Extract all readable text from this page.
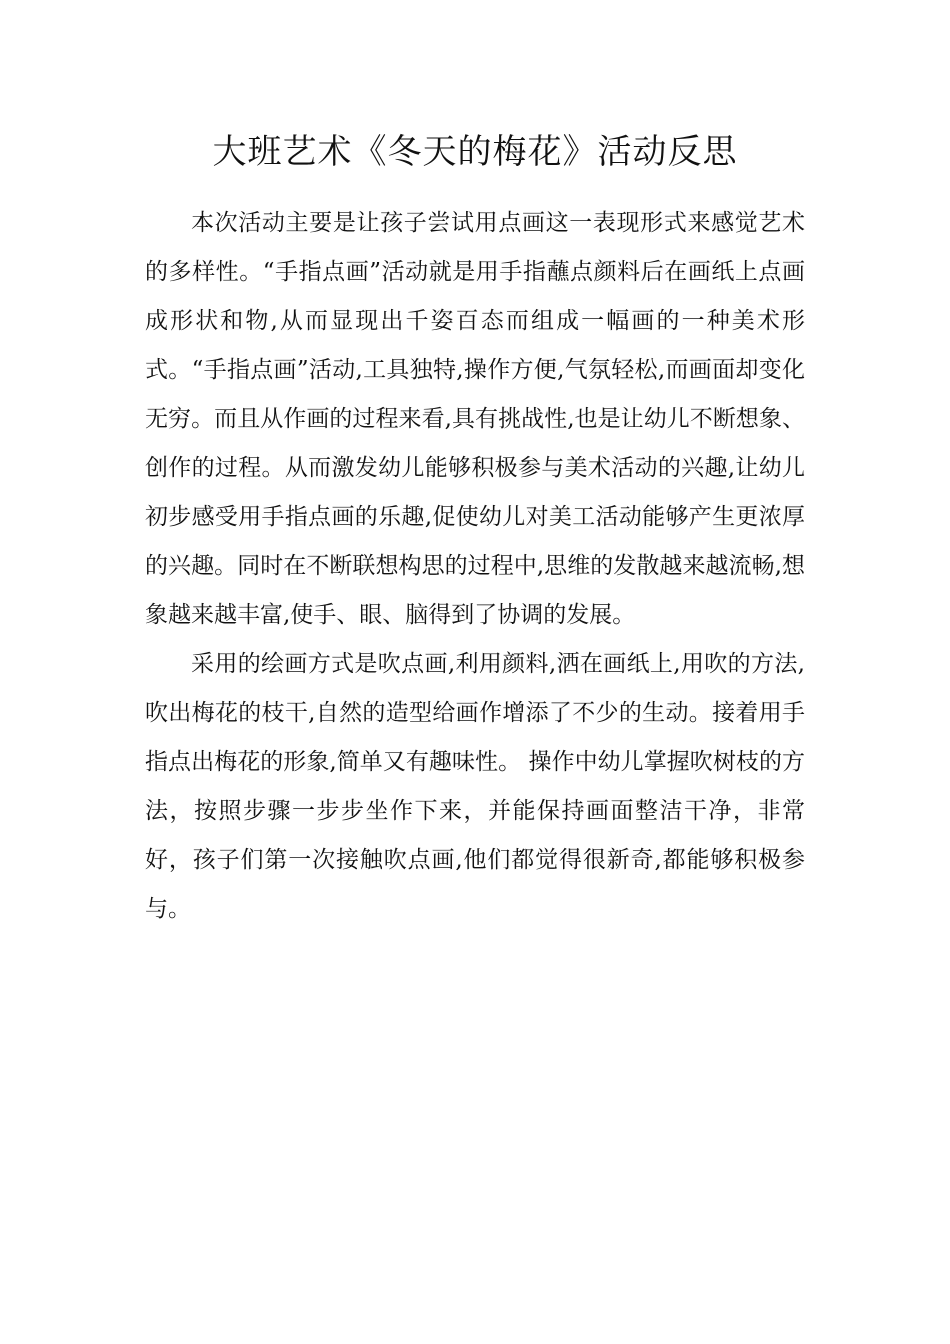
大班艺术《冬天的梅花》活动反思

本次活动主要是让孩子尝试用点画这一表现形式来感觉艺术的多样性。“手指点画”活动就是用手指蘸点颜料后在画纸上点画成形状和物,从而显现出千姿百态而组成一幅画的一种美术形式。“手指点画”活动,工具独特,操作方便,气氛轻松,而画面却变化无穷。而且从作画的过程来看,具有挑战性,也是让幼儿不断想象、创作的过程。从而激发幼儿能够积极参与美术活动的兴趣,让幼儿初步感受用手指点画的乐趣,促使幼儿对美工活动能够产生更浓厚的兴趣。同时在不断联想构思的过程中,思维的发散越来越流畅,想象越来越丰富,使手、眼、脑得到了协调的发展。

采用的绘画方式是吹点画,利用颜料,洒在画纸上,用吹的方法,吹出梅花的枝干,自然的造型给画作增添了不少的生动。接着用手指点出梅花的形象,简单又有趣味性。 操作中幼儿掌握吹树枝的方法，按照步骤一步步坐作下来，并能保持画面整洁干净，非常好，孩子们第一次接触吹点画,他们都觉得很新奇,都能够积极参与。
